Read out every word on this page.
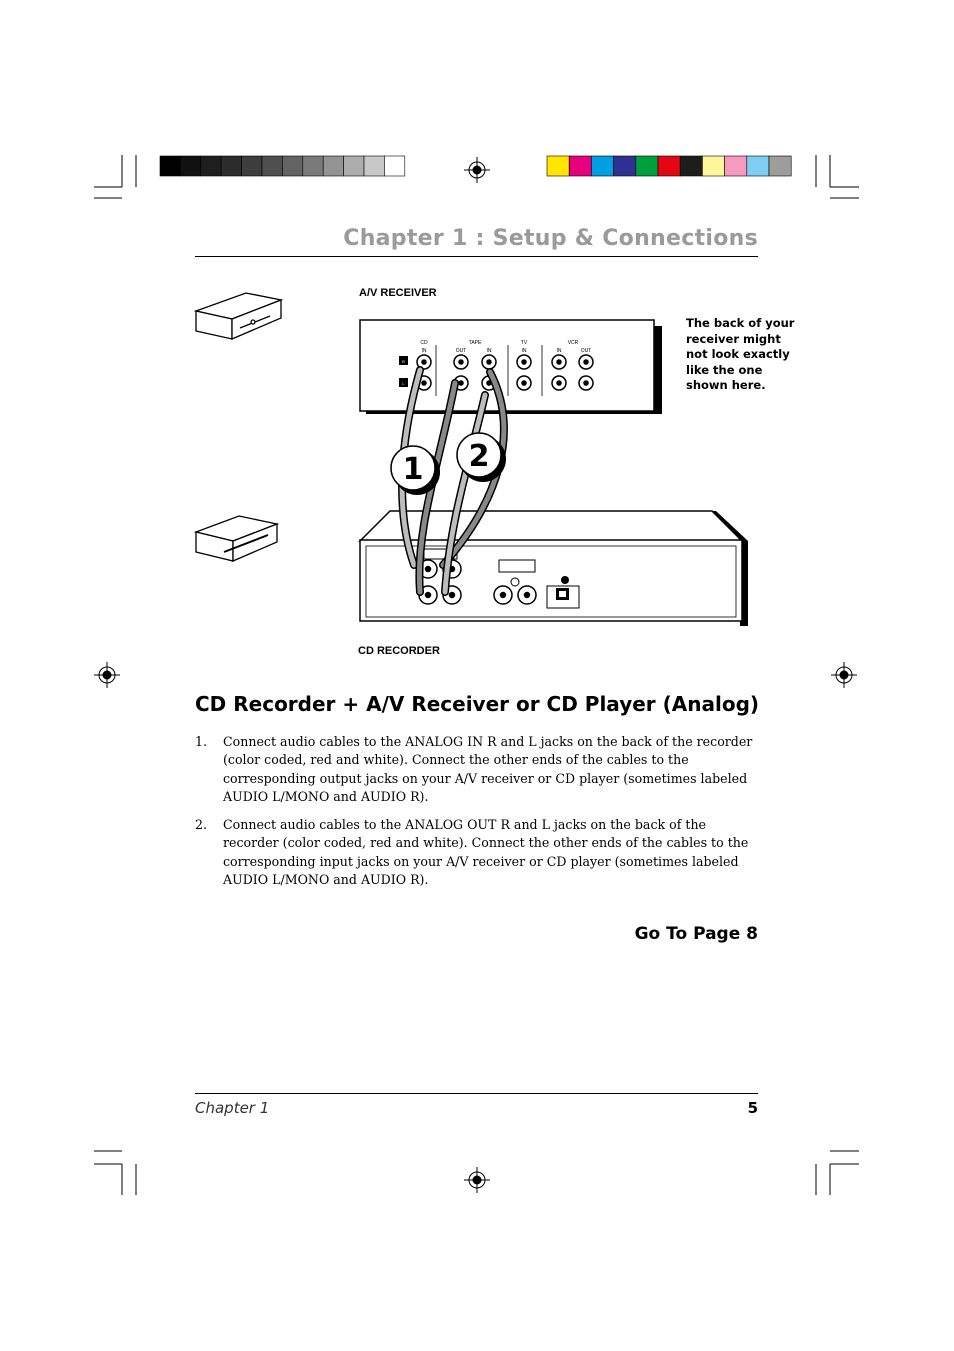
Chapter 1 : Setup & Connections
R
L
CD
IN
TAPE
OUT	IN
TV
IN
VCR
IN	OUT
1 2
A/V RECEIVER
CD RECORDER
The back of your receiver might not look exactly like the one shown here.
CD Recorder + A/V Receiver or CD Player (Analog)
1. Connect audio cables to the ANALOG IN R and L jacks on the back of the recorder (color coded, red and white). Connect the other ends of the cables to the corresponding output jacks on your A/V receiver or CD player (sometimes labeled AUDIO L/MONO and AUDIO R).
2. Connect audio cables to the ANALOG OUT R and L jacks on the back of the recorder (color coded, red and white). Connect the other ends of the cables to the corresponding input jacks on your A/V receiver or CD player (sometimes labeled AUDIO L/MONO and AUDIO R).
Go To Page 8
Chapter 1	5
